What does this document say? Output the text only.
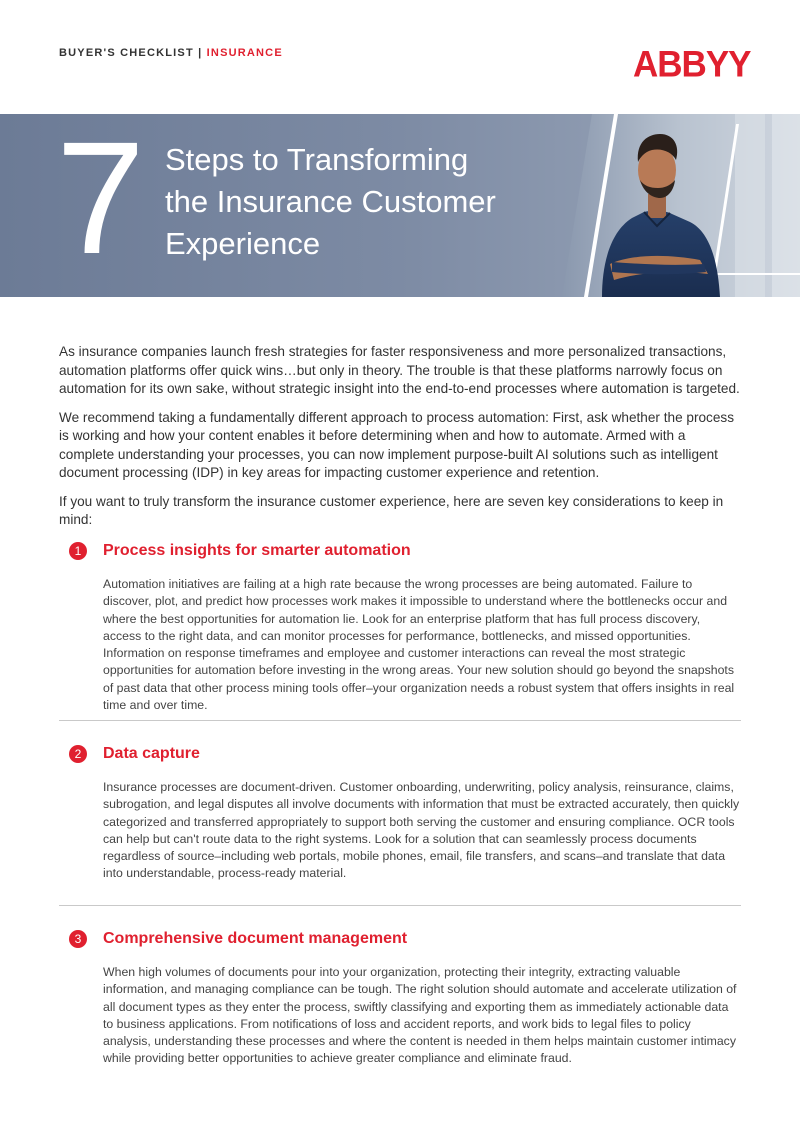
BUYER'S CHECKLIST | INSURANCE	ABBYY
7 Steps to Transforming
the Insurance Customer
Experience

As insurance companies launch fresh strategies for faster responsiveness and more personalized transactions, automation platforms offer quick wins…but only in theory. The trouble is that these platforms narrowly focus on automation for its own sake, without strategic insight into the end-to-end processes where automation is targeted.

We recommend taking a fundamentally different approach to process automation: First, ask whether the process is working and how your content enables it before determining when and how to automate. Armed with a complete understanding your processes, you can now implement purpose-built AI solutions such as intelligent document processing (IDP) in key areas for impacting customer experience and retention.

If you want to truly transform the insurance customer experience, here are seven key considerations to keep in mind:

1	Process insights for smarter automation
Automation initiatives are failing at a high rate because the wrong processes are being automated. Failure to discover, plot, and predict how processes work makes it impossible to understand where the bottlenecks occur and where the best opportunities for automation lie. Look for an enterprise platform that has full process discovery, access to the right data, and can monitor processes for performance, bottlenecks, and missed opportunities. Information on response timeframes and employee and customer interactions can reveal the most strategic opportunities for automation before investing in the wrong areas. Your new solution should go beyond the snapshots of past data that other process mining tools offer–your organization needs a robust system that offers insights in real time and over time.
2	Data capture
Insurance processes are document-driven. Customer onboarding, underwriting, policy analysis, reinsurance, claims, subrogation, and legal disputes all involve documents with information that must be extracted accurately, then quickly categorized and transferred appropriately to support both serving the customer and ensuring compliance. OCR tools can help but can't route data to the right systems. Look for a solution that can seamlessly process documents regardless of source–including web portals, mobile phones, email, file transfers, and scans–and translate that data into understandable, process-ready material.
3	Comprehensive document management
When high volumes of documents pour into your organization, protecting their integrity, extracting valuable information, and managing compliance can be tough. The right solution should automate and accelerate utilization of all document types as they enter the process, swiftly classifying and exporting them as immediately actionable data to business applications. From notifications of loss and accident reports, and work bids to legal files to policy analysis, understanding these processes and where the content is needed in them helps maintain customer intimacy while providing better opportunities to achieve greater compliance and eliminate fraud.
